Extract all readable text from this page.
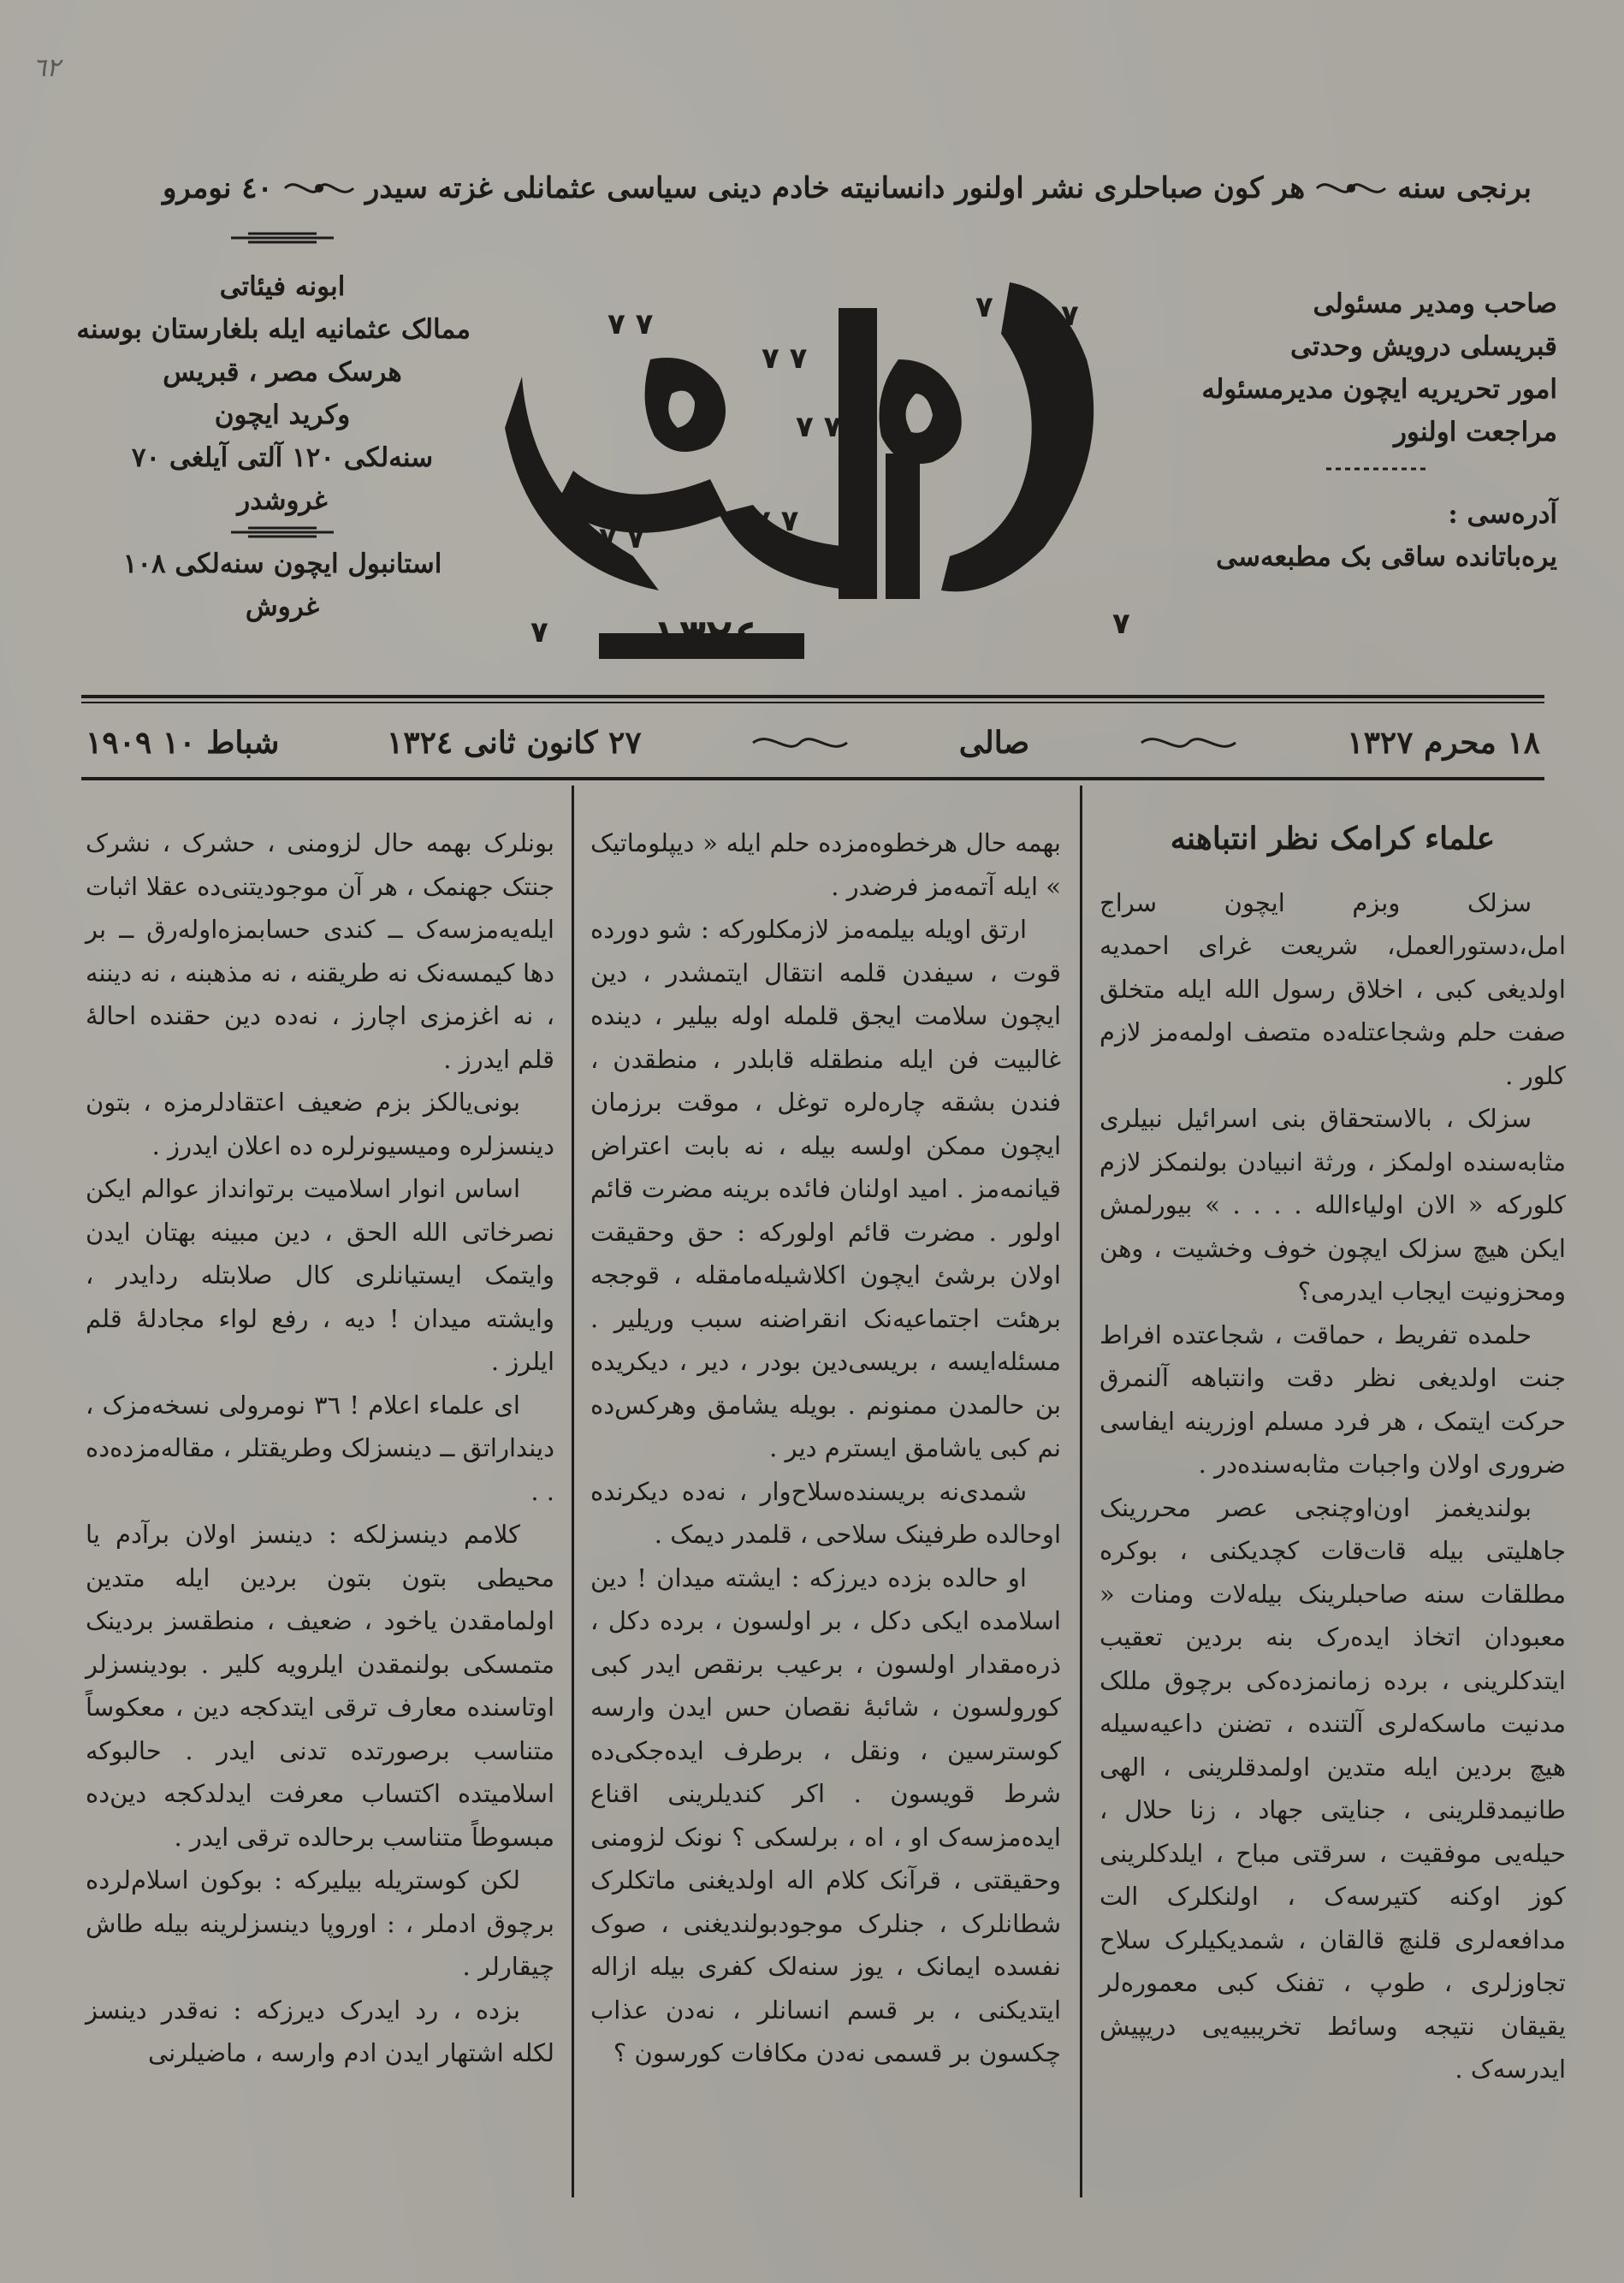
٦٢
٤٠ نومرو	هر کون صباحلری نشر اولنور دانسانیته خادم دینی سیاسی عثمانلی غزته سیدر	برنجی سنه
ابونه فیئاتی
ممالک عثمانیه ایله بلغارستان بوسنه
هرسک مصر ، قبریس
وکرید ایچون
سنه‌لکی ١٢٠ آلتی آیلغی ٧٠
غروشدر
استانبول ایچون سنه‌لکی ١٠٨
غروش
٧ ٧
٧ ٧
٧ ٧
٧ ٧ ٧
٧ ٧	٧ ٧
٧
٧ ١٣٢٤
وولقان
صاحب ومدیر مسئولی
قبریسلی درویش وحدتی
امور تحریریه ایچون مدیرمسئوله
مراجعت اولنور
آدره‌سی :
یره‌باتانده ساقی بک مطبعه‌سی
١٨ محرم ١٣٢٧
صالی
٢٧ کانون ثانی ١٣٢٤
شباط ١٠ ١٩٠٩
علماء کرامک نظر انتباهنه

سزلک وبزم ایچون سراج امل،دستورالعمل، شریعت غرای احمدیه اولدیغی کبی ، اخلاق رسول الله ایله متخلق صفت حلم وشجاعتله‌ده متصف اولمه‌مز لازم کلور .

سزلک ، بالاستحقاق بنی اسرائیل نبیلری مثابه‌سنده اولمکز ، ورثة انبیادن بولنمکز لازم کلورکه « الان اولیاءالله . . . . » بیورلمش ایکن هیچ سزلک ایچون خوف وخشیت ، وهن ومحزونیت ایجاب ایدرمی؟

حلمده تفریط ، حماقت ، شجاعتده افراط جنت اولدیغی نظر دقت وانتباهه آلنمرق حرکت ایتمک ، هر فرد مسلم اوزرینه ایفاسی ضروری اولان واجبات مثابه‌سنده‌در .

بولندیغمز اون‌اوچنجی عصر محررینک جاهلیتی بیله قات‌قات کچدیکنی ، بوکره مطلقات سنه صاحبلرینک بیله‌لات ومنات « معبودان اتخاذ ایده‌رک بنه بردین تعقیب ایتدکلرینی ، برده زمانمزده‌کی برچوق مللک مدنیت ماسکه‌لری آلتنده ، تضنن داعیه‌سیله هیچ بردین ایله متدین اولمدقلرینی ، الهی طانیمدقلرینی ، جنایتی جهاد ، زنا حلال ، حیله‌یی موفقیت ، سرقتی مباح ، ایلدکلرینی کوز اوکنه کتیرسه‌ک ، اولنکلرک الت مدافعه‌لری قلنچ قالقان ، شمدیکیلرک سلاح تجاوزلری ، طوپ ، تفنک کبی معموره‌لر یقیقان نتیجه وسائط تخریبیه‌یی دریپیش ایدرسه‌ک .

بهمه حال هرخطوه‌مزده حلم ایله « دیپلوماتیک » ایله آتمه‌مز فرضدر .

ارتق اویله بیلمه‌مز لازمکلورکه : شو دورده قوت ، سیفدن قلمه انتقال ایتمشدر ، دین ایچون سلامت ایجق قلمله اوله بیلیر ، دینده غالبیت فن ایله منطقله قابلدر ، منطقدن ، فندن بشقه چاره‌لره توغل ، موقت برزمان ایچون ممکن اولسه بیله ، نه بابت اعتراض قیانمه‌مز . امید اولنان فائده برینه مضرت قائم اولور . مضرت قائم اولورکه : حق وحقیقت اولان برشئ ایچون اکلاشیله‌مامقله ، قوججه برهئت اجتماعیه‌نک انقراضنه سبب وریلیر . مسئله‌ایسه ، بریسی‌دین بودر ، دیر ، دیکریده بن حالمدن ممنونم . بویله یشامق وهرکس‌ده نم کبی یاشامق ایسترم دیر .

شمدی‌نه بریسنده‌سلاح‌وار ، نه‌ده دیکرنده اوحالده طرفینک سلاحی ، قلمدر دیمک .

او حالده بزده دیرزکه : ایشته میدان ! دین اسلامده ایکی دکل ، بر اولسون ، برده دکل ، ذره‌مقدار اولسون ، برعیب برنقص ایدر کبی کورولسون ، شائبهٔ نقصان حس ایدن وارسه کوسترسین ، ونقل ، برطرف ایده‌جکی‌ده شرط قویسون . اکر کندیلرینی اقناع ایده‌مزسه‌ک او ، اه ، برلسکی ؟ نونک لزومنی وحقیقتی ، قرآنک کلام اله اولدیغنی ماتکلرک شطانلرک ، جنلرک موجودبولندیغنی ، صوک نفسده ایمانک ، یوز سنه‌لک کفری بیله ازاله ایتدیکنی ، بر قسم انسانلر ، نه‌دن عذاب چکسون بر قسمی نه‌دن مکافات کورسون ؟

بونلرک بهمه حال لزومنی ، حشرک ، نشرک جنتک جهنمک ، هر آن موجودیتنی‌ده عقلا اثبات ایله‌یه‌مزسه‌ک ــ کندی حسابمزه‌اوله‌رق ــ بر دها کیمسه‌نک نه طریقنه ، نه مذهبنه ، نه دیننه ، نه اغزمزی اچارز ، نه‌ده دین حقنده احالهٔ قلم ایدرز .

بونی‌یالکز بزم ضعیف اعتقادلرمزه ، بتون دینسزلره ومیسیونرلره ده اعلان ایدرز .

اساس انوار اسلامیت برتوانداز عوالم ایکن نصرخاتی الله الحق ، دین مبینه بهتان ایدن وایتمک ایستیانلری کال صلابتله ردایدر ، وایشته میدان ! دیه ، رفع لواء مجادله‌ٔ قلم ایلرز .

ای علماء اعلام ! ٣٦ نومرولی نسخه‌مزک ، دینداراتق ــ دینسزلک وطریقتلر ، مقاله‌مزده‌ده . .

کلامم دینسزلکه : دینسز اولان برآدم یا محیطی بتون بتون بردین ایله متدین اولمامقدن یاخود ، ضعیف ، منطقسز بردینک متمسکی بولنمقدن ایلرویه کلیر . بودینسزلر اوتاسنده معارف ترقی ایتدکجه دین ، معکوساً متناسب برصورتده تدنی ایدر . حالبوکه اسلامیتده اکتساب معرفت ایدلدکجه دین‌ده مبسوطاً متناسب برحالده ترقی ایدر .

لکن کوستریله بیلیرکه : بوکون اسلام‌لرده برچوق ادملر ، : اوروپا دینسزلرینه بیله طاش چیقارلر .

بزده ، رد ایدرک دیرزکه : نه‌قدر دینسز لکله اشتهار ایدن ادم وارسه ، ماضیلرنی
